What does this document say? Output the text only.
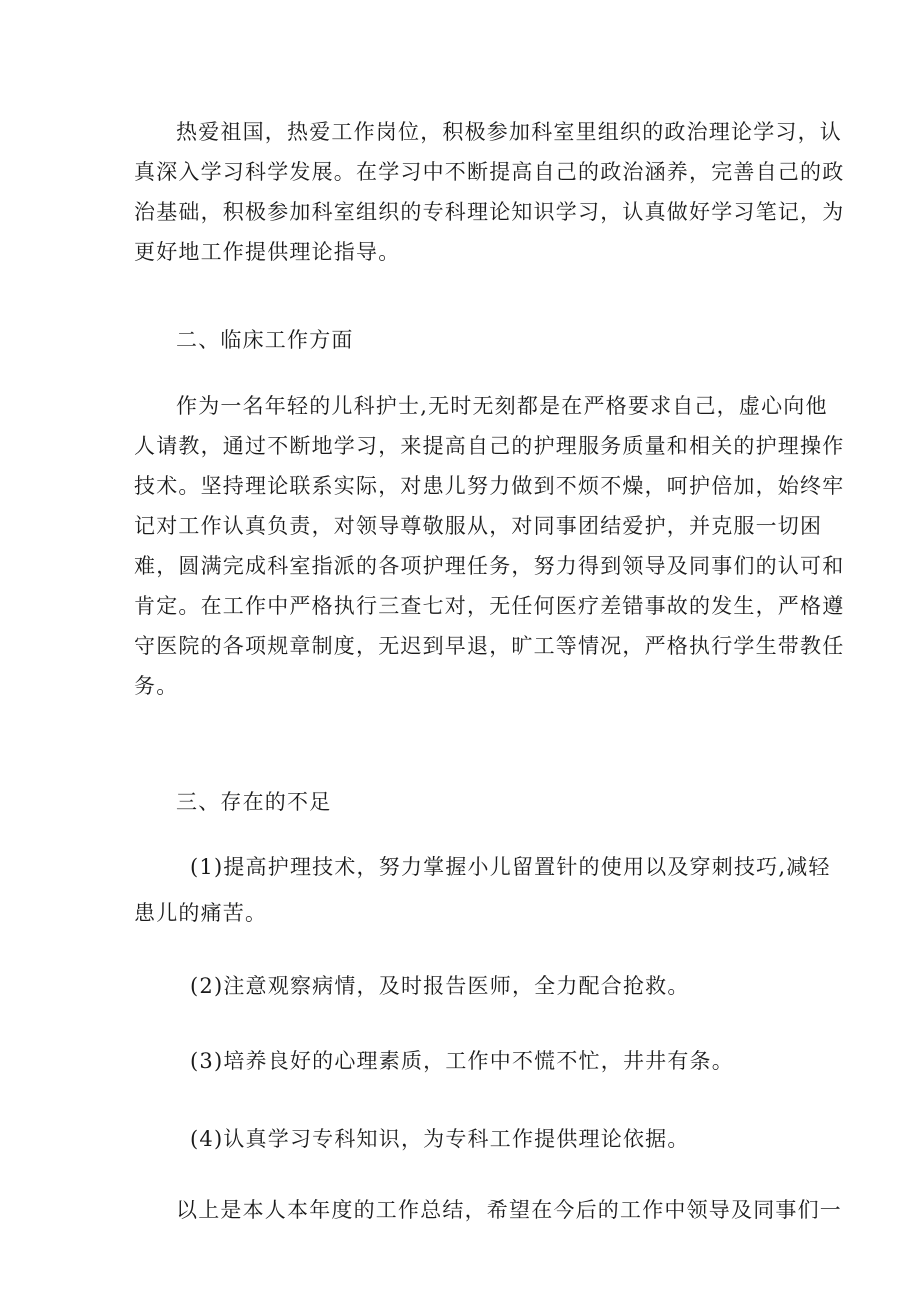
热爱祖国，热爱工作岗位，积极参加科室里组织的政治理论学习，认
真深入学习科学发展。在学习中不断提高自己的政治涵养，完善自己的政
治基础，积极参加科室组织的专科理论知识学习，认真做好学习笔记，为
更好地工作提供理论指导。

二、临床工作方面

作为一名年轻的儿科护士,无时无刻都是在严格要求自己，虚心向他
人请教，通过不断地学习，来提高自己的护理服务质量和相关的护理操作
技术。坚持理论联系实际，对患儿努力做到不烦不燥，呵护倍加，始终牢
记对工作认真负责，对领导尊敬服从，对同事团结爱护，并克服一切困
难，圆满完成科室指派的各项护理任务，努力得到领导及同事们的认可和
肯定。在工作中严格执行三查七对，无任何医疗差错事故的发生，严格遵
守医院的各项规章制度，无迟到早退，旷工等情况，严格执行学生带教任
务。

三、存在的不足

(1)提高护理技术，努力掌握小儿留置针的使用以及穿刺技巧,减轻

患儿的痛苦。

(2)注意观察病情，及时报告医师，全力配合抢救。

(3)培养良好的心理素质，工作中不慌不忙，井井有条。

(4)认真学习专科知识，为专科工作提供理论依据。

以上是本人本年度的工作总结，希望在今后的工作中领导及同事们一
